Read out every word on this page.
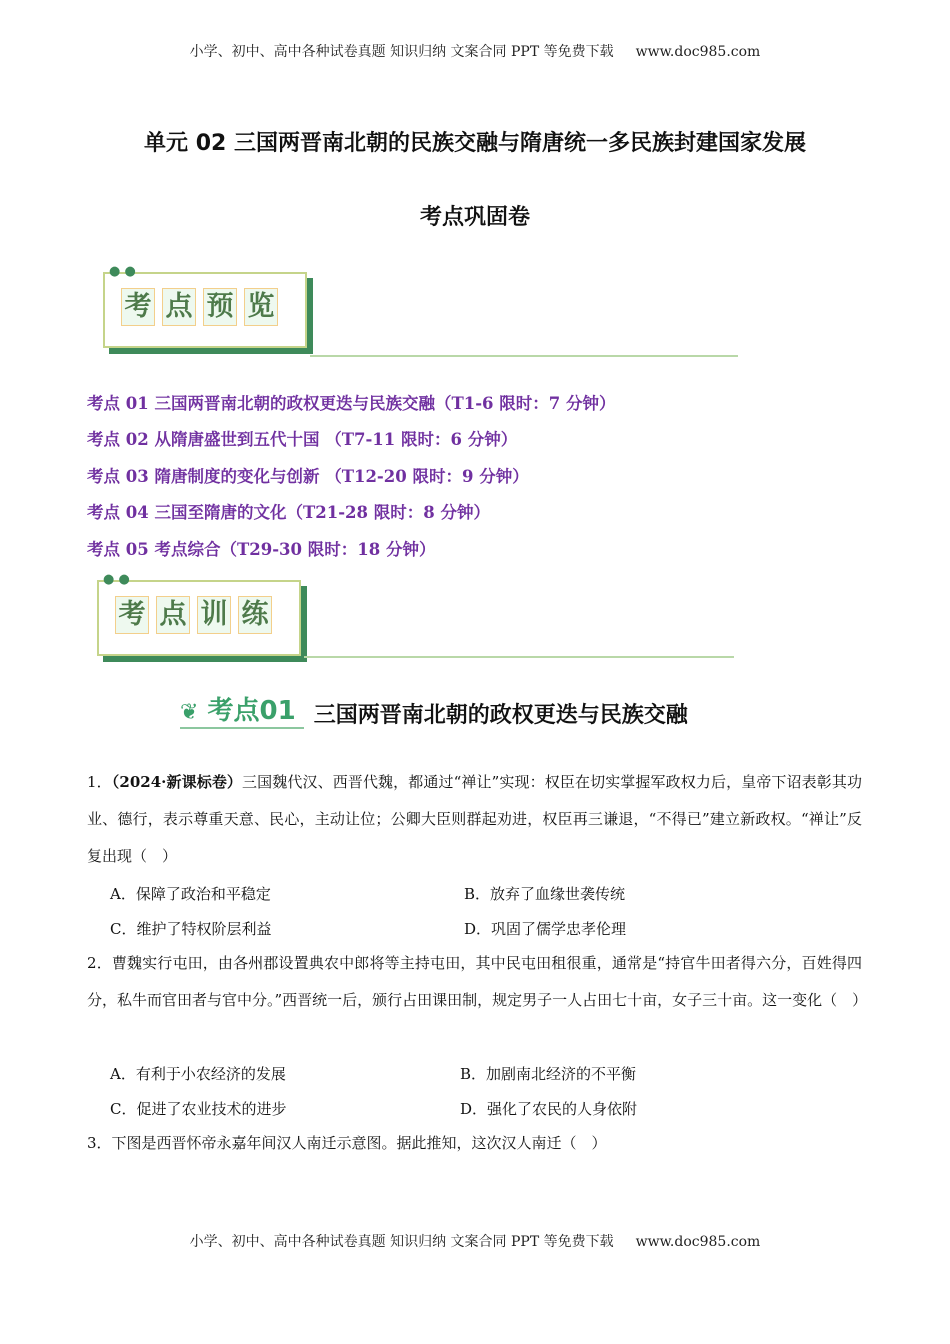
小学、初中、高中各种试卷真题 知识归纳 文案合同 PPT 等免费下载 www.doc985.com
单元 02 三国两晋南北朝的民族交融与隋唐统一多民族封建国家发展
考点巩固卷
● ●
考 点 预 览
考点 01 三国两晋南北朝的政权更迭与民族交融（T1-6 限时：7 分钟）
考点 02 从隋唐盛世到五代十国 （T7-11 限时：6 分钟）
考点 03 隋唐制度的变化与创新 （T12-20 限时：9 分钟）
考点 04 三国至隋唐的文化（T21-28 限时：8 分钟）
考点 05 考点综合（T29-30 限时：18 分钟）
● ●
考 点 训 练
❦ 考点01 三国两晋南北朝的政权更迭与民族交融
1．（2024·新课标卷）三国魏代汉、西晋代魏，都通过“禅让”实现：权臣在切实掌握军政权力后，皇帝下诏表彰其功业、德行，表示尊重天意、民心，主动让位；公卿大臣则群起劝进，权臣再三谦退，“不得已”建立新政权。“禅让”反复出现（　）
A．保障了政治和平稳定	B．放弃了血缘世袭传统
C．维护了特权阶层利益	D．巩固了儒学忠孝伦理
2．曹魏实行屯田，由各州郡设置典农中郎将等主持屯田，其中民屯田租很重，通常是“持官牛田者得六分，百姓得四分，私牛而官田者与官中分。”西晋统一后，颁行占田课田制，规定男子一人占田七十亩，女子三十亩。这一变化（　）
A．有利于小农经济的发展	B．加剧南北经济的不平衡
C．促进了农业技术的进步	D．强化了农民的人身依附
3．下图是西晋怀帝永嘉年间汉人南迁示意图。据此推知，这次汉人南迁（　）
小学、初中、高中各种试卷真题 知识归纳 文案合同 PPT 等免费下载 www.doc985.com
